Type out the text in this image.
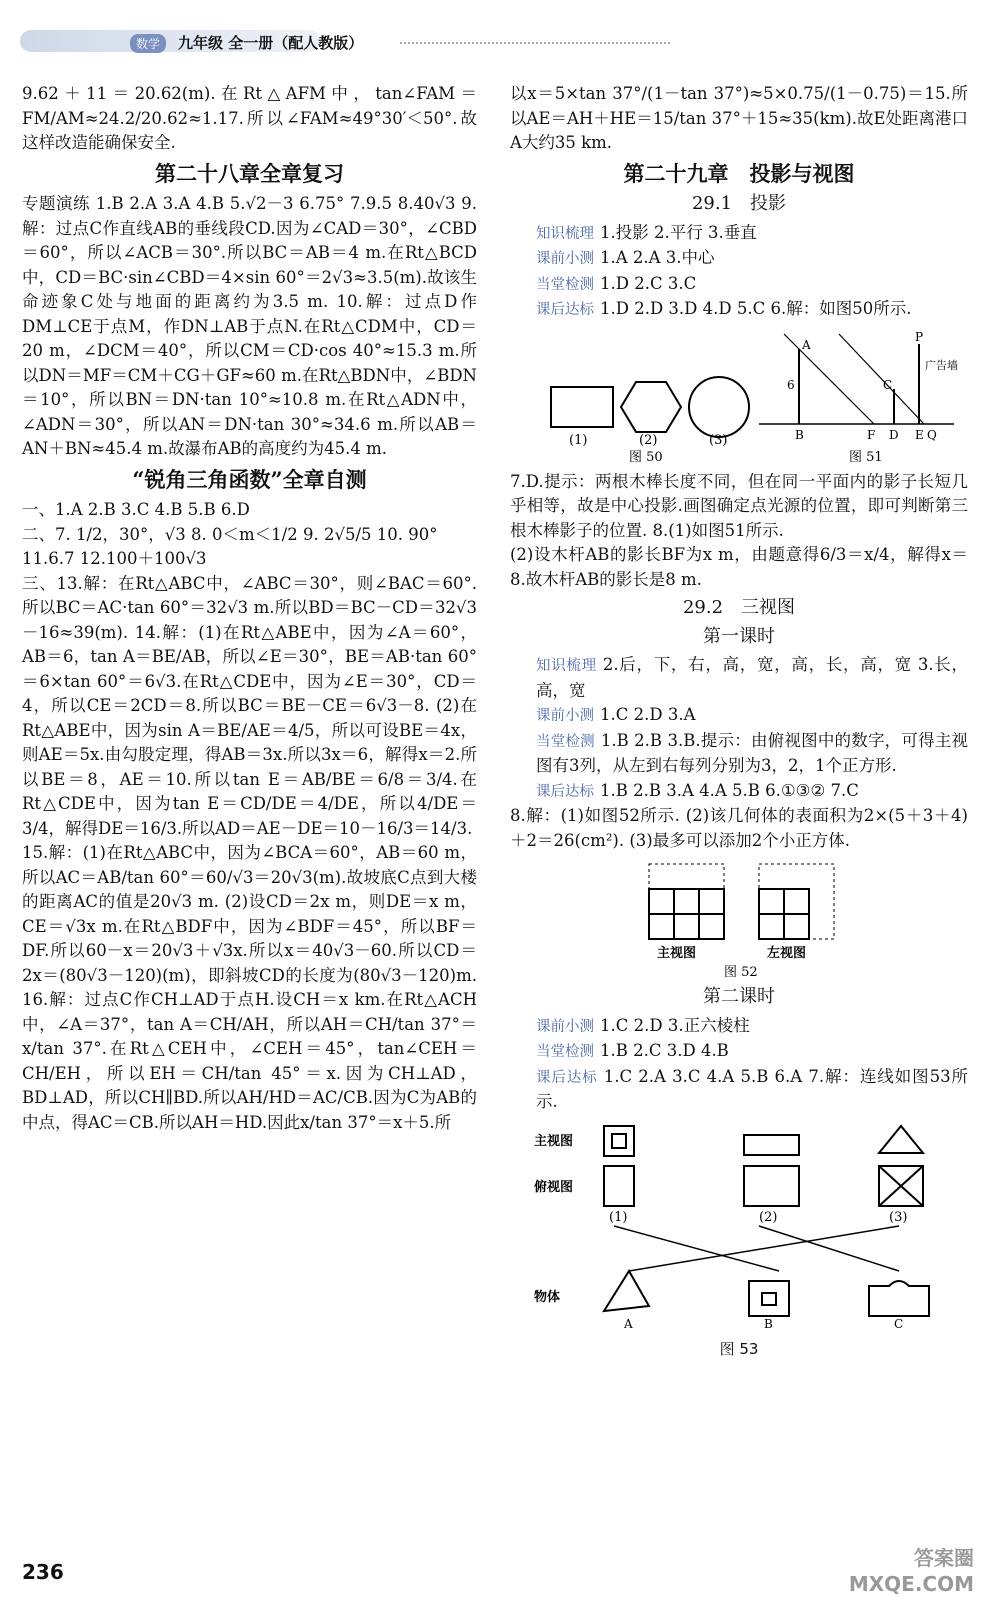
数学	九年级 全一册（配人教版）

9.62＋11＝20.62(m).在Rt△AFM中，tan∠FAM＝FM/AM≈24.2/20.62≈1.17.所以∠FAM≈49°30′＜50°.故这样改造能确保安全.

第二十八章全章复习

专题演练 1.B 2.A 3.A 4.B 5.√2－3 6.75° 7.9.5 8.40√3 9.解：过点C作直线AB的垂线段CD.因为∠CAD＝30°，∠CBD＝60°，所以∠ACB＝30°.所以BC＝AB＝4 m.在Rt△BCD中，CD＝BC·sin∠CBD＝4×sin 60°＝2√3≈3.5(m).故该生命迹象C处与地面的距离约为3.5 m. 10.解：过点D作DM⊥CE于点M，作DN⊥AB于点N.在Rt△CDM中，CD＝20 m，∠DCM＝40°，所以CM＝CD·cos 40°≈15.3 m.所以DN＝MF＝CM＋CG＋GF≈60 m.在Rt△BDN中，∠BDN＝10°，所以BN＝DN·tan 10°≈10.8 m.在Rt△ADN中，∠ADN＝30°，所以AN＝DN·tan 30°≈34.6 m.所以AB＝AN＋BN≈45.4 m.故瀑布AB的高度约为45.4 m.

“锐角三角函数”全章自测

一、1.A 2.B 3.C 4.B 5.B 6.D

二、7. 1/2，30°，√3 8. 0＜m＜1/2 9. 2√5/5 10. 90°

11.6.7 12.100＋100√3

三、13.解：在Rt△ABC中，∠ABC＝30°，则∠BAC＝60°.所以BC＝AC·tan 60°＝32√3 m.所以BD＝BC－CD＝32√3－16≈39(m). 14.解：(1)在Rt△ABE中，因为∠A＝60°，AB＝6，tan A＝BE/AB，所以∠E＝30°，BE＝AB·tan 60°＝6×tan 60°＝6√3.在Rt△CDE中，因为∠E＝30°，CD＝4，所以CE＝2CD＝8.所以BC＝BE－CE＝6√3－8. (2)在Rt△ABE中，因为sin A＝BE/AE＝4/5，所以可设BE＝4x，则AE＝5x.由勾股定理，得AB＝3x.所以3x＝6，解得x＝2.所以BE＝8，AE＝10.所以tan E＝AB/BE＝6/8＝3/4.在Rt△CDE中，因为tan E＝CD/DE＝4/DE，所以4/DE＝3/4，解得DE＝16/3.所以AD＝AE－DE＝10－16/3＝14/3.

15.解：(1)在Rt△ABC中，因为∠BCA＝60°，AB＝60 m，所以AC＝AB/tan 60°＝60/√3＝20√3(m).故坡底C点到大楼的距离AC的值是20√3 m. (2)设CD＝2x m，则DE＝x m，CE＝√3x m.在Rt△BDF中，因为∠BDF＝45°，所以BF＝DF.所以60－x＝20√3＋√3x.所以x＝40√3－60.所以CD＝2x＝(80√3－120)(m)，即斜坡CD的长度为(80√3－120)m. 16.解：过点C作CH⊥AD于点H.设CH＝x km.在Rt△ACH中，∠A＝37°，tan A＝CH/AH，所以AH＝CH/tan 37°＝x/tan 37°.在Rt△CEH中，∠CEH＝45°，tan∠CEH＝CH/EH，所以EH＝CH/tan 45°＝x.因为CH⊥AD，BD⊥AD，所以CH∥BD.所以AH/HD＝AC/CB.因为C为AB的中点，得AC＝CB.所以AH＝HD.因此x/tan 37°＝x＋5.所

以x＝5×tan 37°/(1－tan 37°)≈5×0.75/(1－0.75)＝15.所以AE＝AH＋HE＝15/tan 37°＋15≈35(km).故E处距离港口A大约35 km.

第二十九章　投影与视图
29.1　投影

知识梳理 1.投影 2.平行 3.垂直

课前小测 1.A 2.A 3.中心

当堂检测 1.D 2.C 3.C

课后达标 1.D 2.D 3.D 4.D 5.C 6.解：如图50所示.

(1)	(2)	(3)
图 50
A
6	C
P
广告墙
B	F D E Q
图 51

7.D.提示：两根木棒长度不同，但在同一平面内的影子长短几乎相等，故是中心投影.画图确定点光源的位置，即可判断第三根木棒影子的位置. 8.(1)如图51所示.

(2)设木杆AB的影长BF为x m，由题意得6/3＝x/4，解得x＝8.故木杆AB的影长是8 m.

29.2　三视图
第一课时

知识梳理 2.后，下，右，高，宽，高，长，高，宽 3.长，高，宽

课前小测 1.C 2.D 3.A

当堂检测 1.B 2.B 3.B.提示：由俯视图中的数字，可得主视图有3列，从左到右每列分别为3，2，1个正方形.

课后达标 1.B 2.B 3.A 4.A 5.B 6.①③② 7.C

8.解：(1)如图52所示. (2)该几何体的表面积为2×(5＋3＋4)＋2＝26(cm²). (3)最多可以添加2个小正方体.

主视图	左视图
图 52
第二课时

课前小测 1.C 2.D 3.正六棱柱

当堂检测 1.B 2.C 3.D 4.B

课后达标 1.C 2.A 3.C 4.A 5.B 6.A 7.解：连线如图53所示.

主视图
俯视图
(1)	(2)	(3)
物体
A	B	C
图 53
236
答案圈
MXQE.COM
